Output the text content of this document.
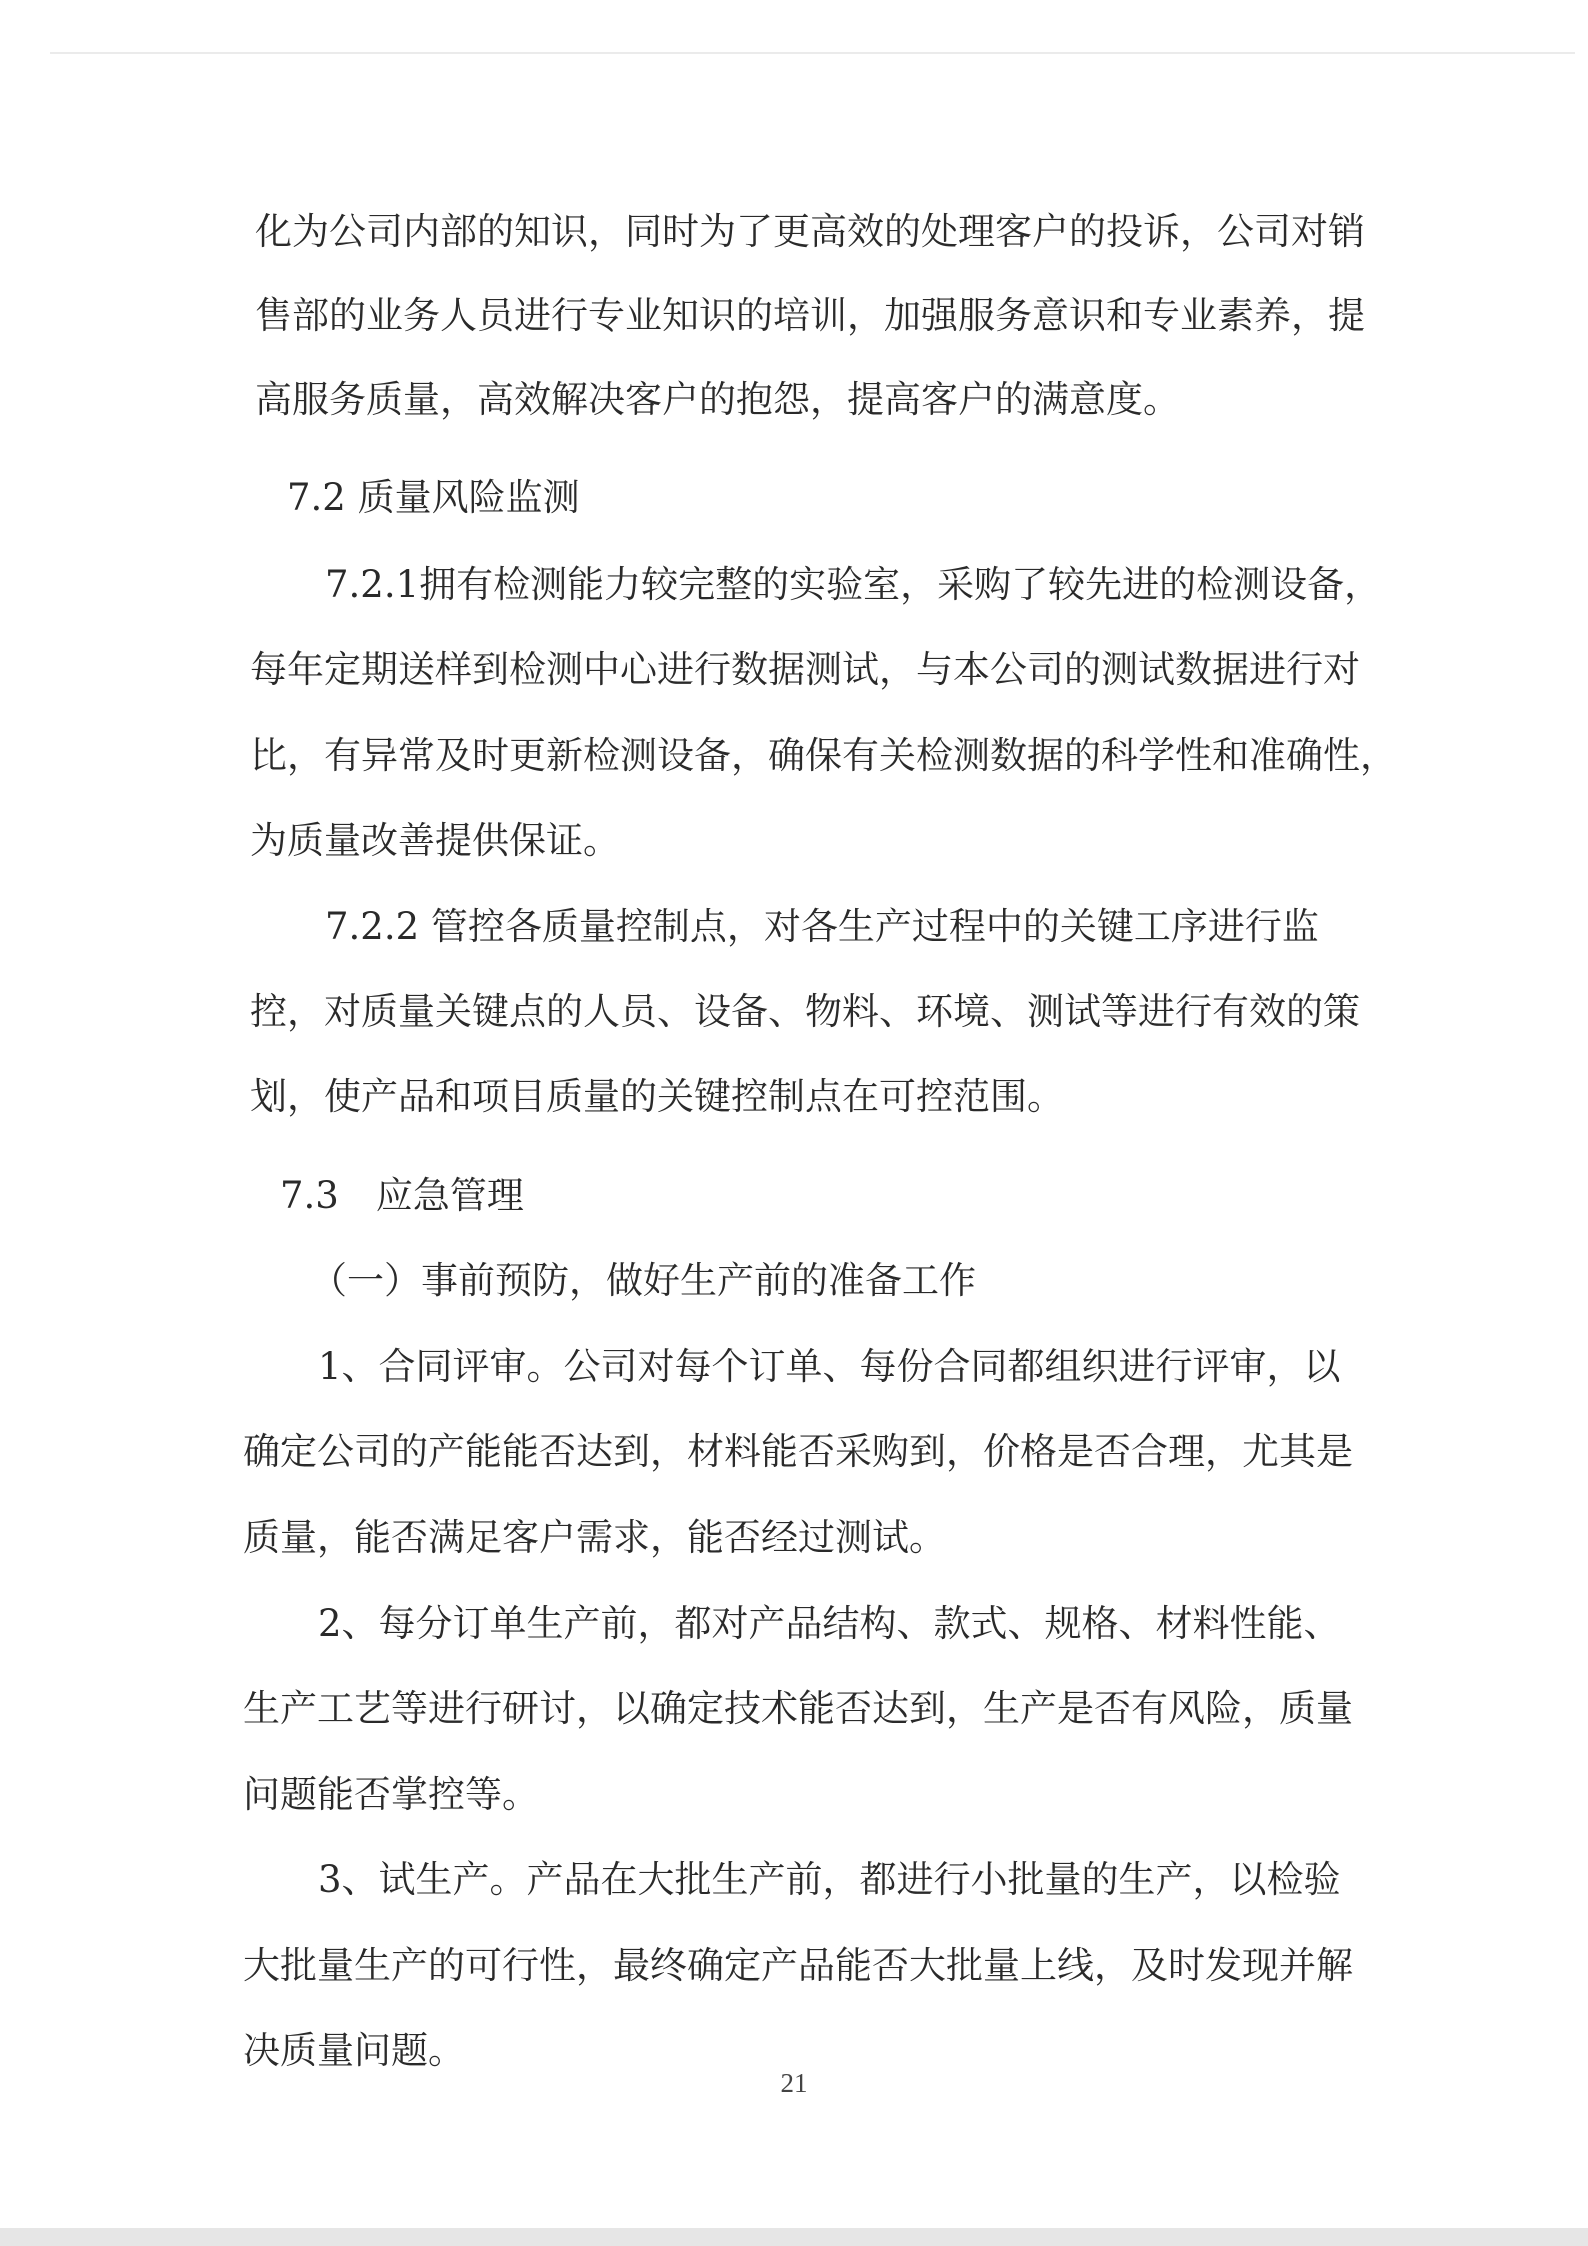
化为公司内部的知识，同时为了更高效的处理客户的投诉，公司对销
售部的业务人员进行专业知识的培训，加强服务意识和专业素养，提
高服务质量，高效解决客户的抱怨，提高客户的满意度。
7.2 质量风险监测
7.2.1拥有检测能力较完整的实验室，采购了较先进的检测设备，
每年定期送样到检测中心进行数据测试，与本公司的测试数据进行对
比，有异常及时更新检测设备，确保有关检测数据的科学性和准确性，
为质量改善提供保证。
7.2.2 管控各质量控制点，对各生产过程中的关键工序进行监
控，对质量关键点的人员、设备、物料、环境、测试等进行有效的策
划，使产品和项目质量的关键控制点在可控范围。
7.3　应急管理
（一）事前预防，做好生产前的准备工作
1、合同评审。公司对每个订单、每份合同都组织进行评审，以
确定公司的产能能否达到，材料能否采购到，价格是否合理，尤其是
质量，能否满足客户需求，能否经过测试。
2、每分订单生产前，都对产品结构、款式、规格、材料性能、
生产工艺等进行研讨，以确定技术能否达到，生产是否有风险，质量
问题能否掌控等。
3、试生产。产品在大批生产前，都进行小批量的生产，以检验
大批量生产的可行性，最终确定产品能否大批量上线，及时发现并解
决质量问题。
21
